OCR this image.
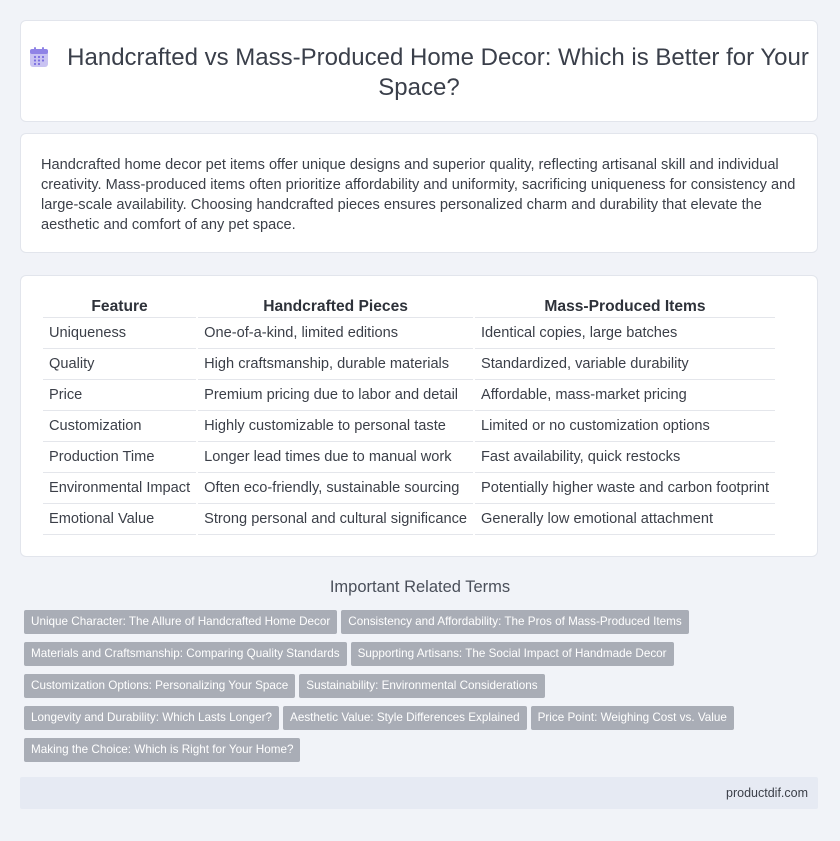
Handcrafted vs Mass-Produced Home Decor: Which is Better for Your Space?
Handcrafted home decor pet items offer unique designs and superior quality, reflecting artisanal skill and individual creativity. Mass-produced items often prioritize affordability and uniformity, sacrificing uniqueness for consistency and large-scale availability. Choosing handcrafted pieces ensures personalized charm and durability that elevate the aesthetic and comfort of any pet space.
Feature		Handcrafted Pieces		Mass-Produced Items
Uniqueness		One-of-a-kind, limited editions		Identical copies, large batches
Quality		High craftsmanship, durable materials		Standardized, variable durability
Price		Premium pricing due to labor and detail		Affordable, mass-market pricing
Customization		Highly customizable to personal taste		Limited or no customization options
Production Time		Longer lead times due to manual work		Fast availability, quick restocks
Environmental Impact		Often eco-friendly, sustainable sourcing		Potentially higher waste and carbon footprint
Emotional Value		Strong personal and cultural significance		Generally low emotional attachment
Important Related Terms
Unique Character: The Allure of Handcrafted Home Decor Consistency and Affordability: The Pros of Mass-Produced Items
Materials and Craftsmanship: Comparing Quality Standards Supporting Artisans: The Social Impact of Handmade Decor
Customization Options: Personalizing Your Space Sustainability: Environmental Considerations
Longevity and Durability: Which Lasts Longer? Aesthetic Value: Style Differences Explained Price Point: Weighing Cost vs. Value
Making the Choice: Which is Right for Your Home?
productdif.com
